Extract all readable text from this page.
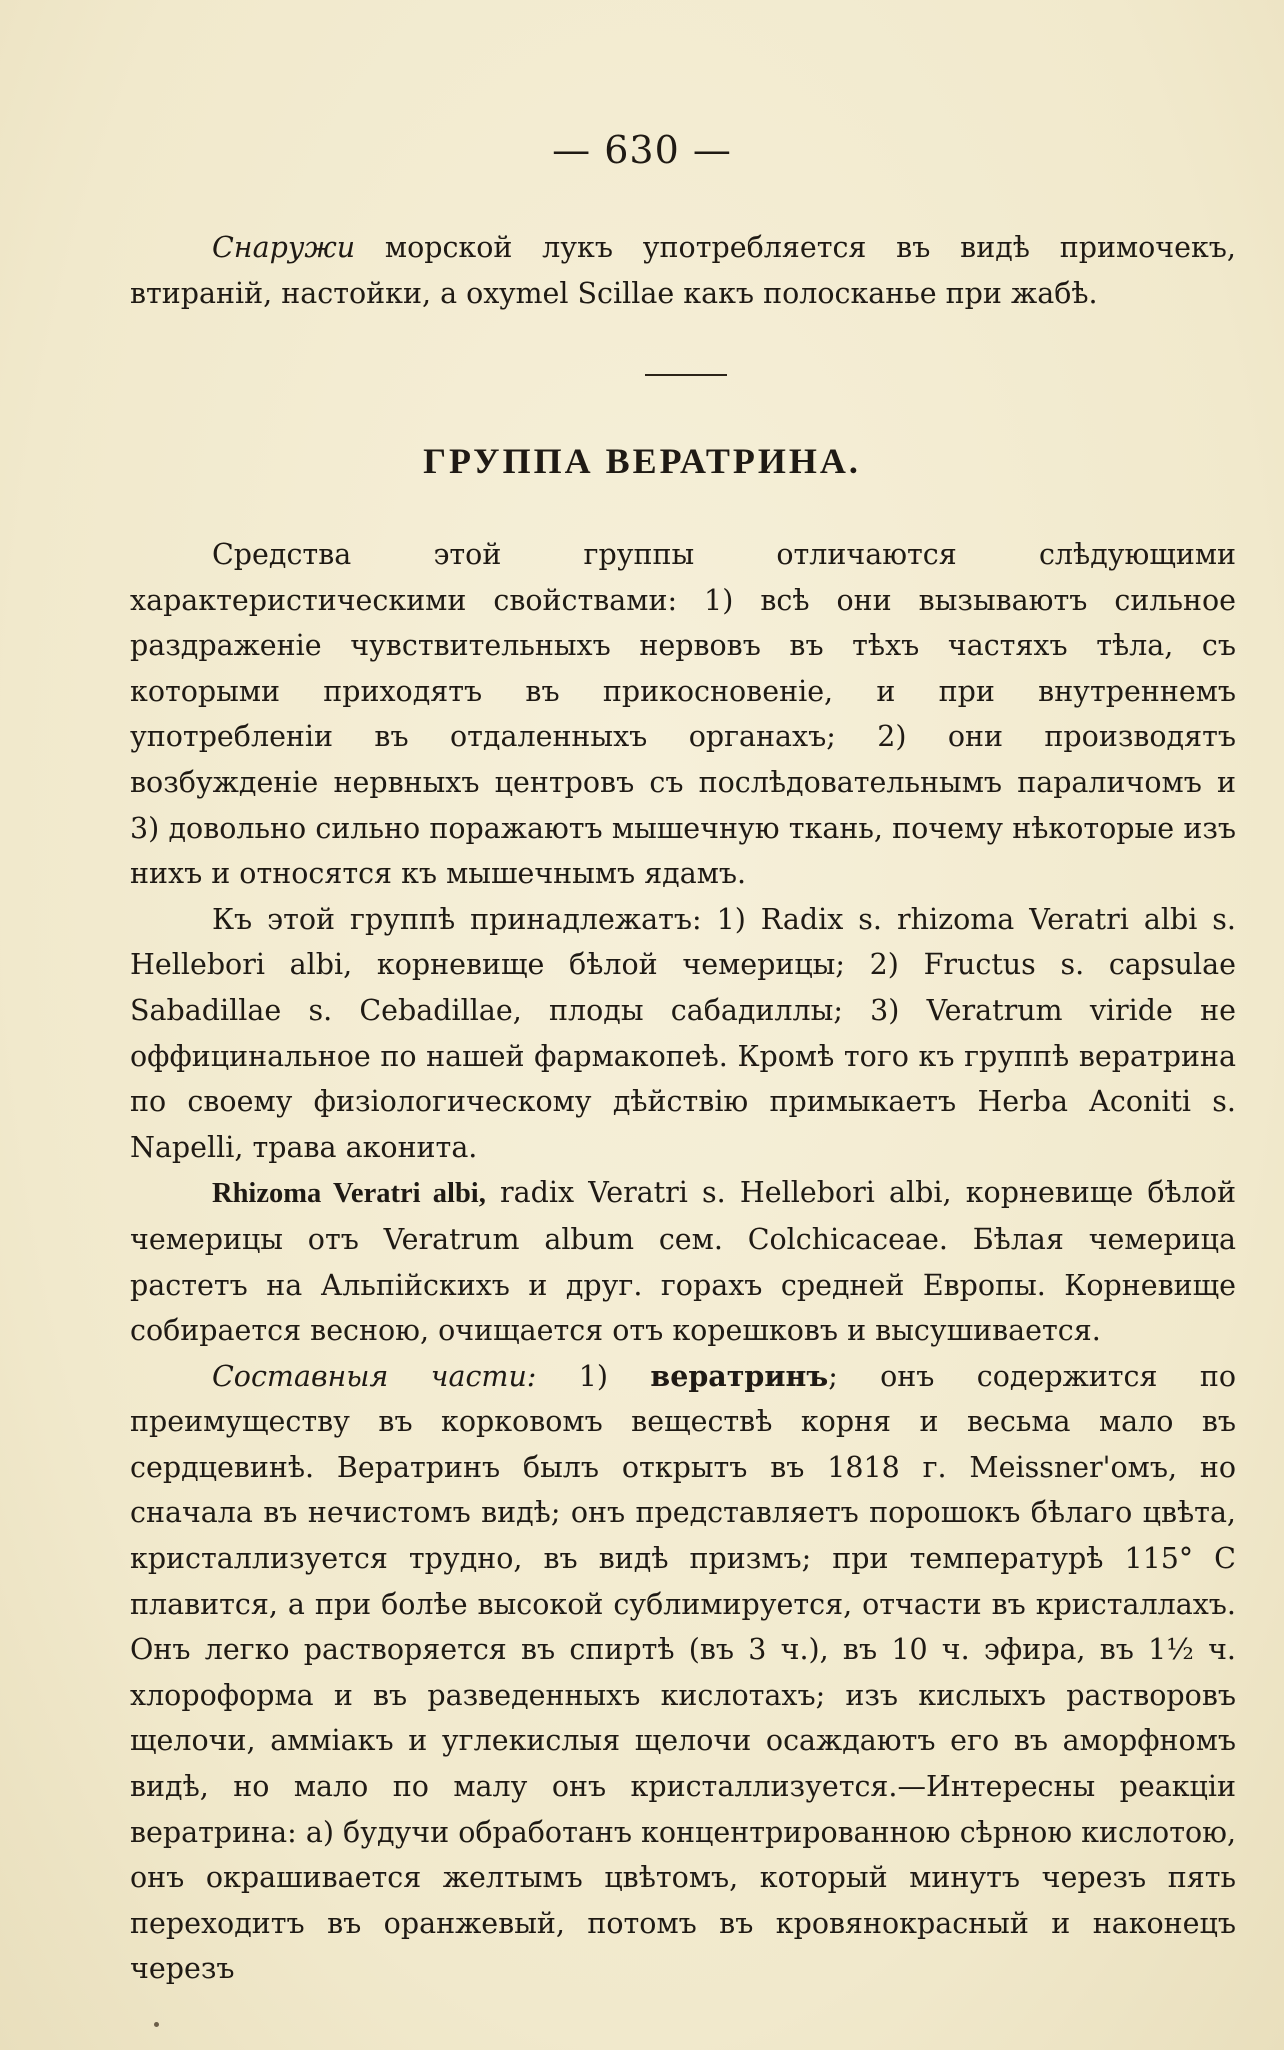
— 630 —

Снаружи морской лукъ употребляется въ видѣ примочекъ, втираній, настойки, а oxymel Scillae какъ полосканье при жабѣ.

ГРУППА ВЕРАТРИНА.

Средства этой группы отличаются слѣдующими характеристическими свойствами: 1) всѣ они вызываютъ сильное раздраженіе чувствительныхъ нервовъ въ тѣхъ частяхъ тѣла, съ которыми приходятъ въ прикосновеніе, и при внутреннемъ употребленіи въ отдаленныхъ органахъ; 2) они производятъ возбужденіе нервныхъ центровъ съ послѣдовательнымъ параличомъ и 3) довольно сильно поражаютъ мышечную ткань, почему нѣкоторые изъ нихъ и относятся къ мышечнымъ ядамъ.

Къ этой группѣ принадлежатъ: 1) Radix s. rhizoma Veratri albi s. Hellebori albi, корневище бѣлой чемерицы; 2) Fructus s. capsulae Sabadillae s. Cebadillae, плоды сабадиллы; 3) Veratrum viride не оффицинальное по нашей фармакопеѣ. Кромѣ того къ группѣ вератрина по своему физіологическому дѣйствію примыкаетъ Herba Aconiti s. Napelli, трава аконита.

Rhizoma Veratri albi, radix Veratri s. Hellebori albi, корневище бѣлой чемерицы отъ Veratrum album сем. Colchicaceae. Бѣлая чемерица растетъ на Альпійскихъ и друг. горахъ средней Европы. Корневище собирается весною, очищается отъ корешковъ и высушивается.

Составныя части: 1) вератринъ; онъ содержится по преимуществу въ корковомъ веществѣ корня и весьма мало въ сердцевинѣ. Вератринъ былъ открытъ въ 1818 г. Meissner'омъ, но сначала въ нечистомъ видѣ; онъ представляетъ порошокъ бѣлаго цвѣта, кристаллизуется трудно, въ видѣ призмъ; при температурѣ 115° С плавится, а при болѣе высокой сублимируется, отчасти въ кристаллахъ. Онъ легко растворяется въ спиртѣ (въ 3 ч.), въ 10 ч. эфира, въ 1½ ч. хлороформа и въ разведенныхъ кислотахъ; изъ кислыхъ растворовъ щелочи, амміакъ и углекислыя щелочи осаждаютъ его въ аморфномъ видѣ, но мало по малу онъ кристаллизуется.—Интересны реакціи вератрина: а) будучи обработанъ концентрированною сѣрною кислотою, онъ окрашивается желтымъ цвѣтомъ, который минутъ черезъ пять переходитъ въ оранжевый, потомъ въ кровянокрасный и наконецъ черезъ
